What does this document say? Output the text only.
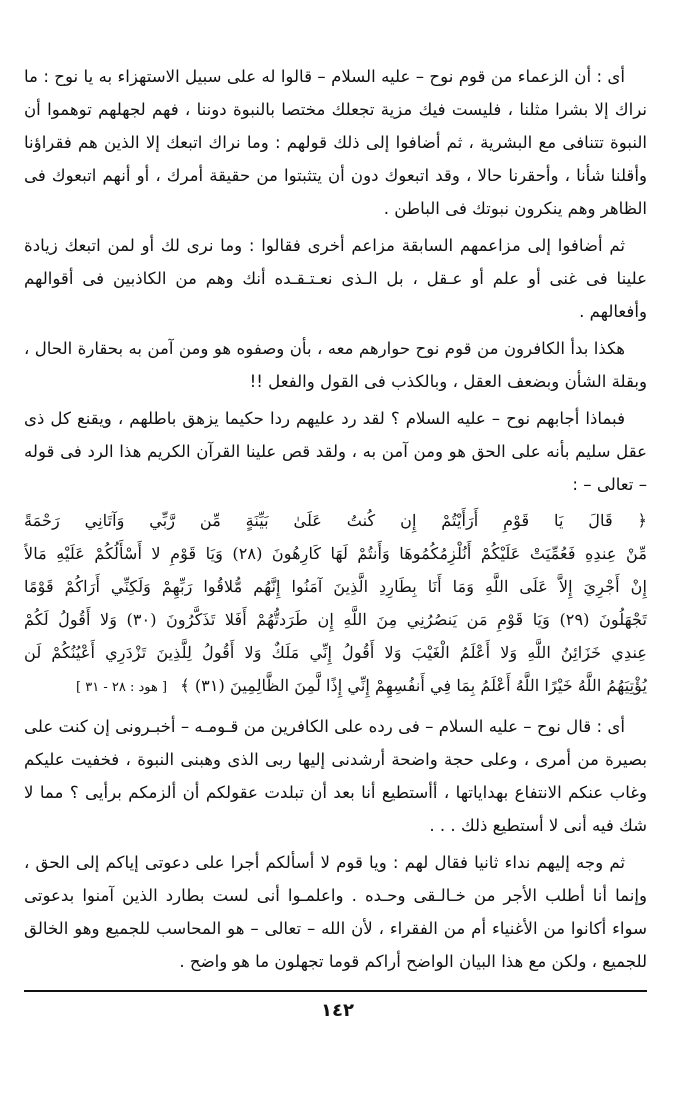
أى : أن الزعماء من قوم نوح – عليه السلام – قالوا له على سبيل الاستهزاء به يا نوح : ما نراك إلا بشرا مثلنا ، فليست فيك مزية تجعلك مختصا بالنبوة دوننا ، فهم لجهلهم توهموا أن النبوة تتنافى مع البشرية ، ثم أضافوا إلى ذلك قولهم : وما نراك اتبعك إلا الذين هم فقراؤنا وأقلنا شأنا ، وأحقرنا حالا ، وقد اتبعوك دون أن يتثبتوا من حقيقة أمرك ، أو أنهم اتبعوك فى الظاهر وهم ينكرون نبوتك فى الباطن .

ثم أضافوا إلى مزاعمهم السابقة مزاعم أخرى فقالوا : وما نرى لك أو لمن اتبعك زيادة علينا فى غنى أو علم أو عـقل ، بل الـذى نعـتـقـده أنك وهم من الكاذبين فى أقوالهم وأفعالهم .

هكذا بدأ الكافرون من قوم نوح حوارهم معه ، بأن وصفوه هو ومن آمن به بحقارة الحال ، وبقلة الشأن وبضعف العقل ، وبالكذب فى القول والفعل !!

فبماذا أجابهم نوح – عليه السلام ؟ لقد رد عليهم ردا حكيما يزهق باطلهم ، ويقنع كل ذى عقل سليم بأنه على الحق هو ومن آمن به ، ولقد قص علينا القرآن الكريم هذا الرد فى قوله – تعالى – :

﴿ قَالَ يَا قَوْمِ أَرَأَيْتُمْ إِن كُنتُ عَلَىٰ بَيِّنَةٍ مِّن رَّبِّي وَآتَانِي رَحْمَةً
مِّنْ عِندِهِ فَعُمِّيَتْ عَلَيْكُمْ أَنُلْزِمُكُمُوهَا وَأَنتُمْ لَهَا كَارِهُونَ (٢٨) وَيَا قَوْمِ لا أَسْأَلُكُمْ عَلَيْهِ مَالاً
إِنْ أَجْرِيَ إِلاَّ عَلَى اللَّهِ وَمَا أَنَا بِطَارِدِ الَّذِينَ آمَنُوا إِنَّهُم مُّلاقُوا رَبِّهِمْ وَلَكِنِّي أَرَاكُمْ قَوْمًا
تَجْهَلُونَ (٢٩) وَيَا قَوْمِ مَن يَنصُرُنِي مِنَ اللَّهِ إِن طَرَدتُّهُمْ أَفَلا تَذَكَّرُونَ (٣٠) وَلا أَقُولُ لَكُمْ
عِندِي خَزَائِنُ اللَّهِ وَلا أَعْلَمُ الْغَيْبَ وَلا أَقُولُ إِنِّي مَلَكٌ وَلا أَقُولُ لِلَّذِينَ تَزْدَرِي أَعْيُنُكُمْ لَن
يُؤْتِيَهُمُ اللَّهُ خَيْرًا اللَّهُ أَعْلَمُ بِمَا فِي أَنفُسِهِمْ إِنِّي إِذًا لَّمِنَ الظَّالِمِينَ (٣١) ﴾ [ هود : ٢٨ - ٣١ ]

أى : قال نوح – عليه السلام – فى رده على الكافرين من قـومـه – أخبـرونى إن كنت على بصيرة من أمرى ، وعلى حجة واضحة أرشدنى إليها ربى الذى وهبنى النبوة ، فخفيت عليكم وغاب عنكم الانتفاع بهداياتها ، أأستطيع أنا بعد أن تبلدت عقولكم أن ألزمكم برأيى ؟ مما لا شك فيه أنى لا أستطيع ذلك . . .

ثم وجه إليهم نداء ثانيا فقال لهم : ويا قوم لا أسألكم أجرا على دعوتى إياكم إلى الحق ، وإنما أنا أطلب الأجر من خـالـقى وحـده . واعلمـوا أنى لست بطارد الذين آمنوا بدعوتى سواء أكانوا من الأغنياء أم من الفقراء ، لأن الله – تعالى – هو المحاسب للجميع وهو الخالق للجميع ، ولكن مع هذا البيان الواضح أراكم قوما تجهلون ما هو واضح .

١٤٢
